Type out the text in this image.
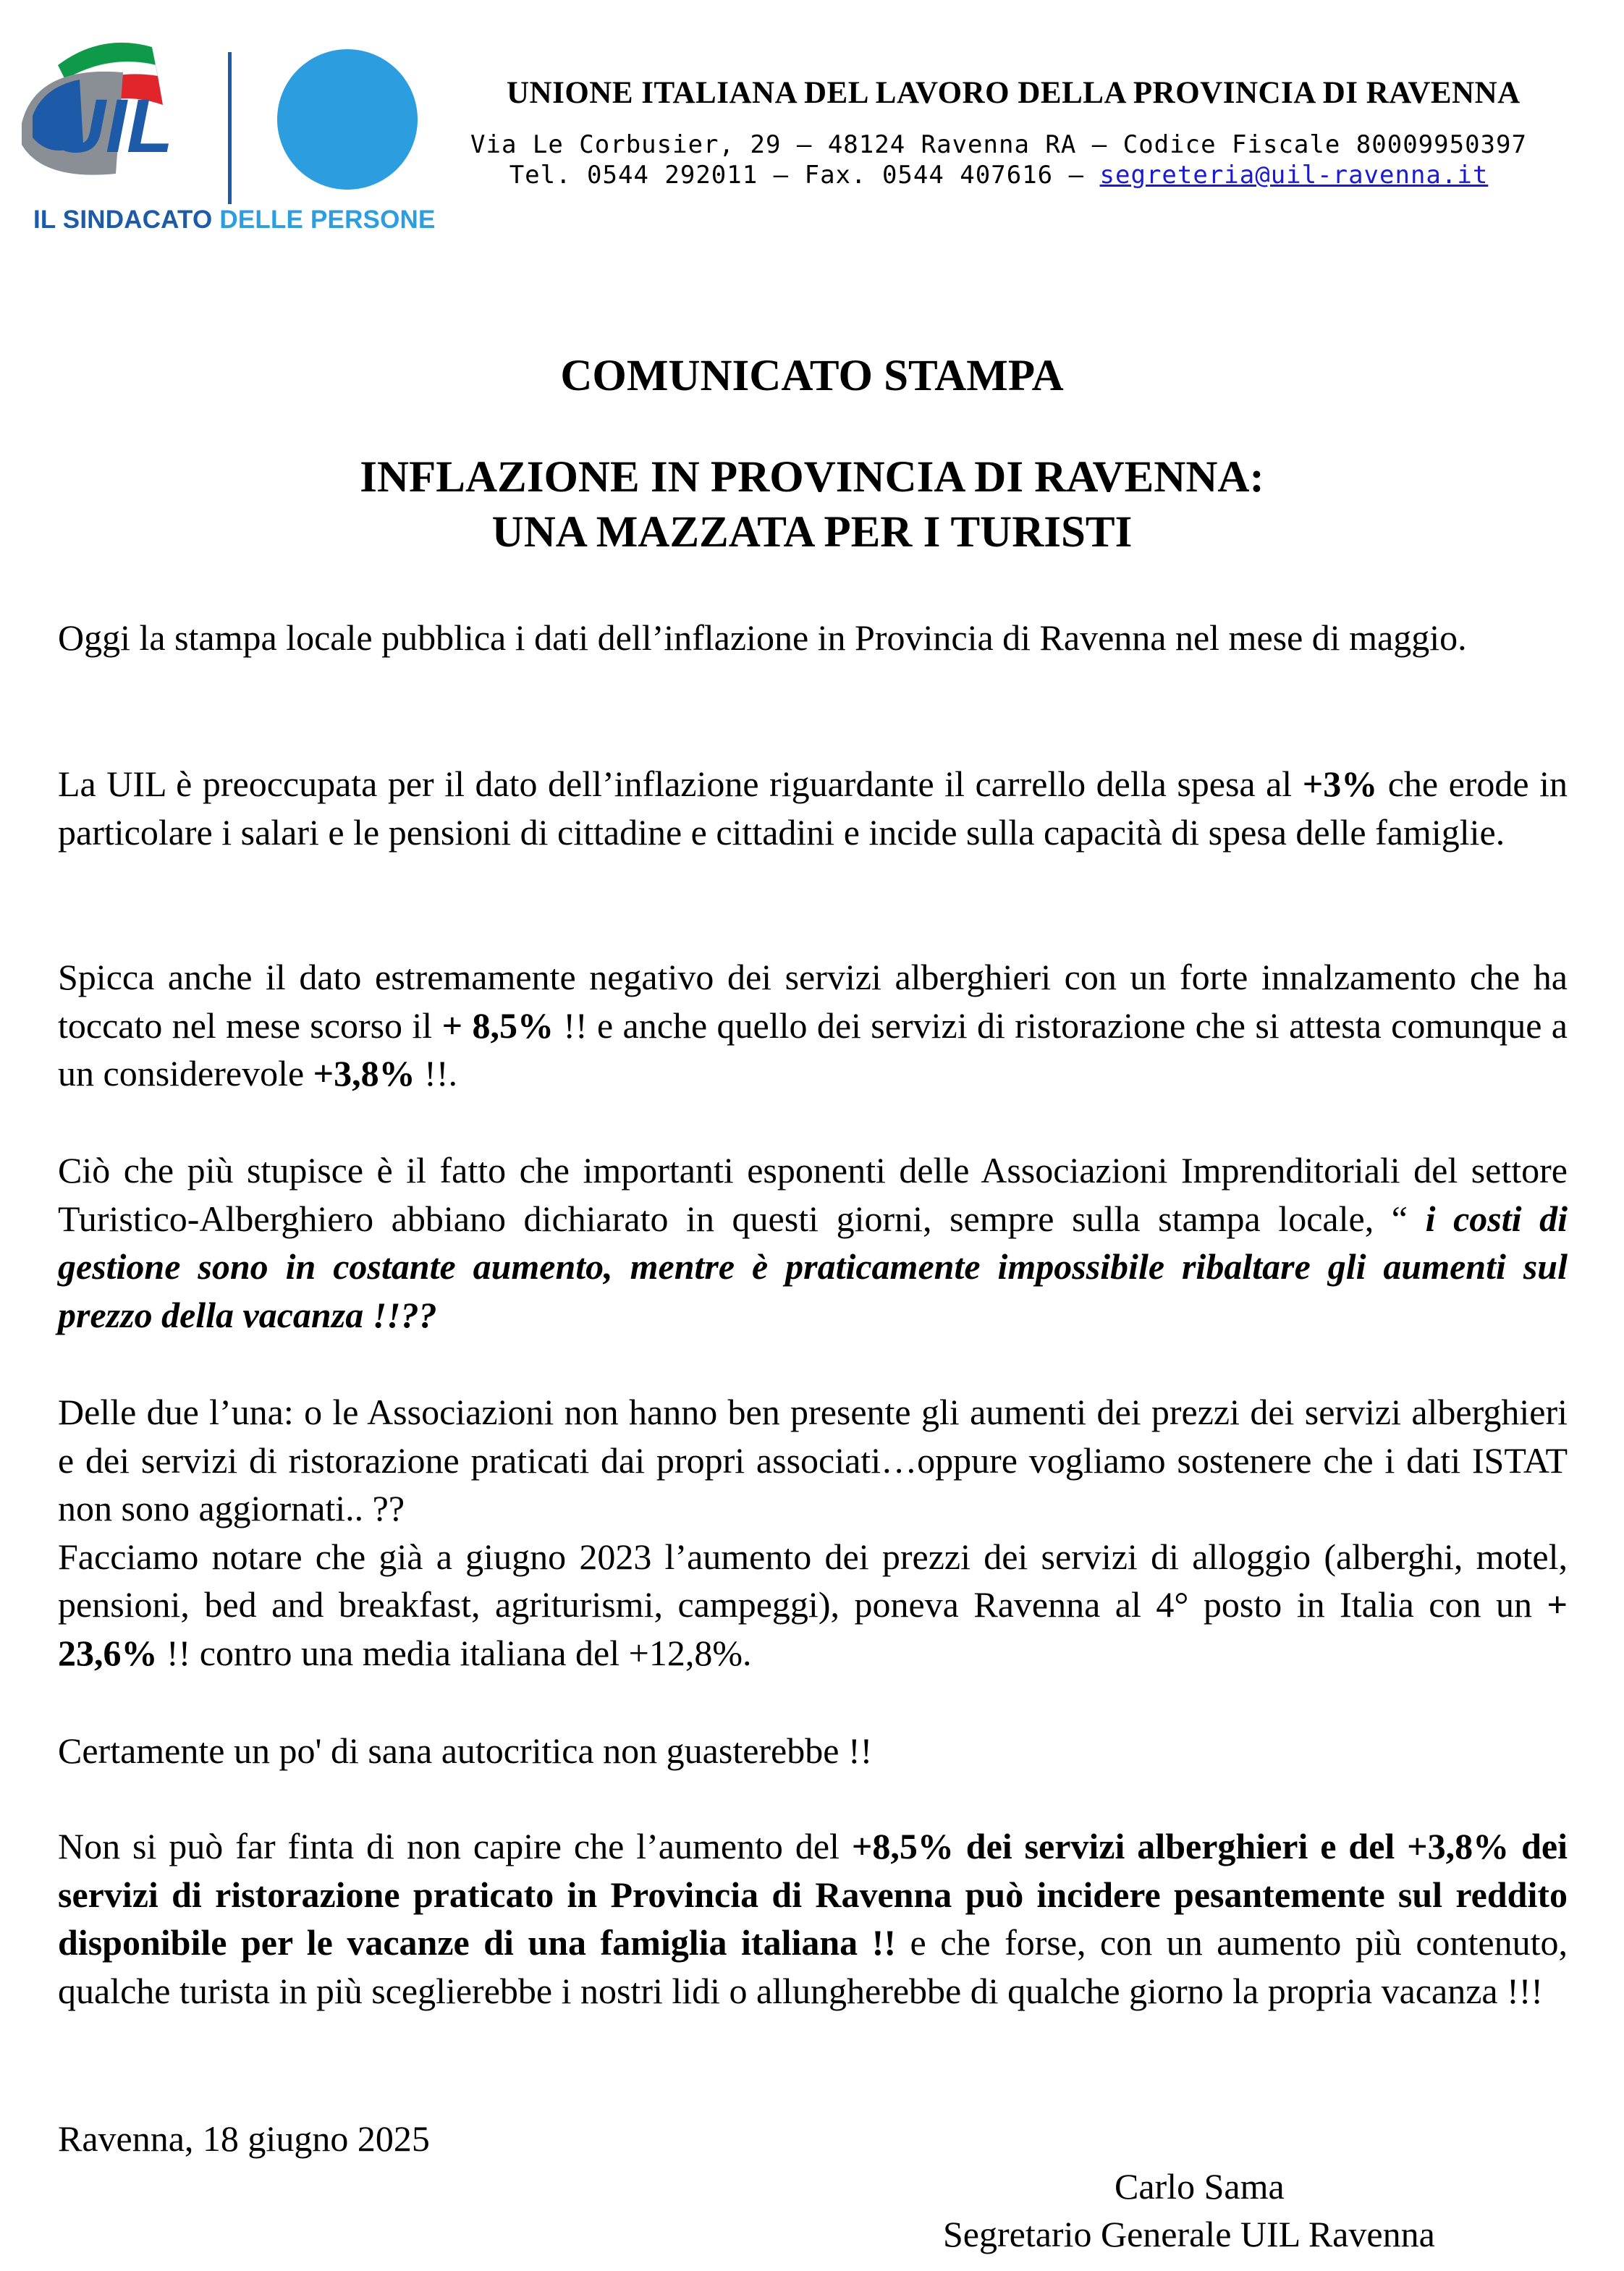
UIL
IL SINDACATO DELLE PERSONE
UNIONE ITALIANA DEL LAVORO DELLA PROVINCIA DI RAVENNA
Via Le Corbusier, 29 – 48124 Ravenna RA – Codice Fiscale 80009950397
Tel. 0544 292011 – Fax. 0544 407616 – segreteria@uil-ravenna.it
COMUNICATO STAMPA
INFLAZIONE IN PROVINCIA DI RAVENNA:
UNA MAZZATA PER I TURISTI

Oggi la stampa locale pubblica i dati dell’inflazione in Provincia di Ravenna nel mese di maggio.

La UIL è preoccupata per il dato dell’inflazione riguardante il carrello della spesa al +3% che erode in particolare i salari e le pensioni di cittadine e cittadini e incide sulla capacità di spesa delle famiglie.

Spicca anche il dato estremamente negativo dei servizi alberghieri con un forte innalzamento che ha toccato nel mese scorso il + 8,5% !! e anche quello dei servizi di ristorazione che si attesta comunque a un considerevole +3,8% !!.

Ciò che più stupisce è il fatto che importanti esponenti delle Associazioni Imprenditoriali del settore Turistico-Alberghiero abbiano dichiarato in questi giorni, sempre sulla stampa locale, “ i costi di gestione sono in costante aumento, mentre è praticamente impossibile ribaltare gli aumenti sul prezzo della vacanza !!??

Delle due l’una: o le Associazioni non hanno ben presente gli aumenti dei prezzi dei servizi alberghieri e dei servizi di ristorazione praticati dai propri associati…oppure vogliamo sostenere che i dati ISTAT non sono aggiornati.. ??

Facciamo notare che già a giugno 2023 l’aumento dei prezzi dei servizi di alloggio (alberghi, motel, pensioni, bed and breakfast, agriturismi, campeggi), poneva Ravenna al 4° posto in Italia con un + 23,6% !! contro una media italiana del +12,8%.

Certamente un po' di sana autocritica non guasterebbe !!

Non si può far finta di non capire che l’aumento del +8,5% dei servizi alberghieri e del +3,8% dei servizi di ristorazione praticato in Provincia di Ravenna può incidere pesantemente sul reddito disponibile per le vacanze di una famiglia italiana !! e che forse, con un aumento più contenuto, qualche turista in più sceglierebbe i nostri lidi o allungherebbe di qualche giorno la propria vacanza !!!

Ravenna, 18 giugno 2025
Carlo Sama
Segretario Generale UIL Ravenna
